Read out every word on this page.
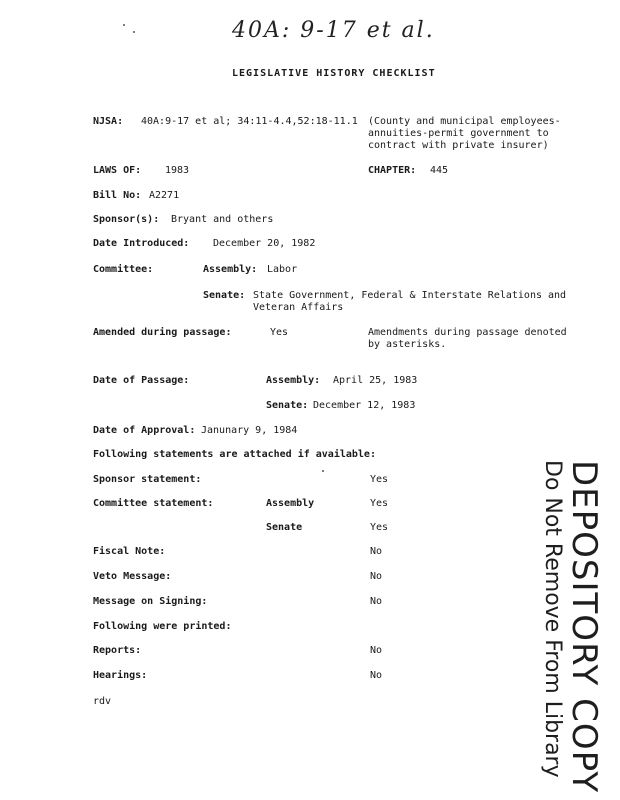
40A: 9-17 et al.
LEGISLATIVE HISTORY CHECKLIST
NJSA: 40A:9-17 et al; 34:11-4.4,52:18-11.1 (County and municipal employees-
annuities-permit government to
contract with private insurer)
LAWS OF: 1983	CHAPTER: 445
Bill No: A2271
Sponsor(s): Bryant and others
Date Introduced: December 20, 1982
Committee:	Assembly: Labor
Senate: State Government, Federal & Interstate Relations and
Veteran Affairs
Amended during passage:	Yes	Amendments during passage denoted
by asterisks.
Date of Passage:	Assembly: April 25, 1983
Senate: December 12, 1983
Date of Approval: Janunary 9, 1984
Following statements are attached if available:
Sponsor statement:	Yes
Committee statement:	Assembly	Yes
Senate	Yes
Fiscal Note:	No
Veto Message:	No
Message on Signing:	No
Following were printed:
Reports:	No
Hearings:	No
rdv	DEPOSITORY COPY
Do Not Remove From Library
